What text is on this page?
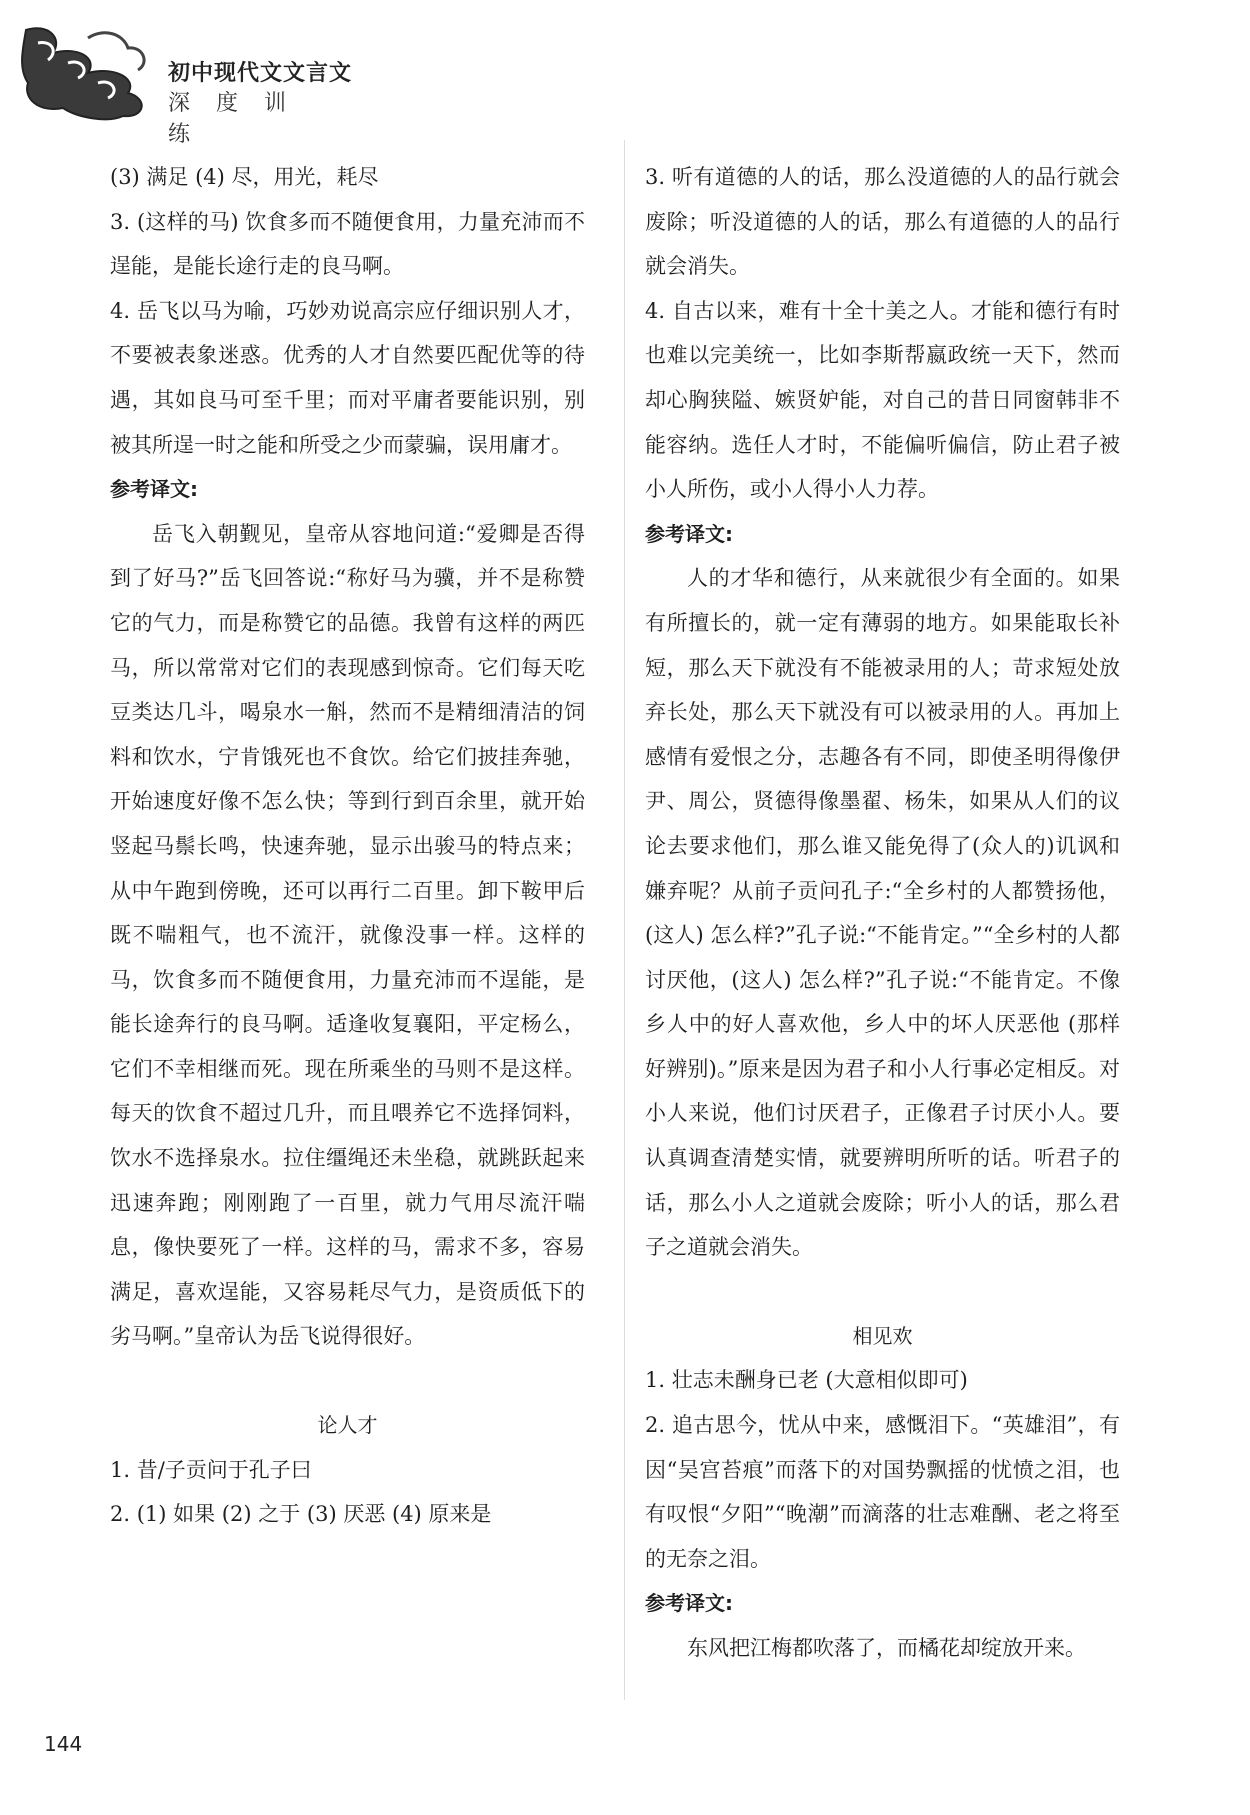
初中现代文文言文
深度训练

(3) 满足 (4) 尽，用光，耗尽

3. (这样的马) 饮食多而不随便食用，力量充沛而不逞能，是能长途行走的良马啊。

4. 岳飞以马为喻，巧妙劝说高宗应仔细识别人才，不要被表象迷惑。优秀的人才自然要匹配优等的待遇，其如良马可至千里；而对平庸者要能识别，别被其所逞一时之能和所受之少而蒙骗，误用庸才。

参考译文:

岳飞入朝觐见，皇帝从容地问道:“爱卿是否得到了好马?”岳飞回答说:“称好马为骥，并不是称赞它的气力，而是称赞它的品德。我曾有这样的两匹马，所以常常对它们的表现感到惊奇。它们每天吃豆类达几斗，喝泉水一斛，然而不是精细清洁的饲料和饮水，宁肯饿死也不食饮。给它们披挂奔驰，开始速度好像不怎么快；等到行到百余里，就开始竖起马鬃长鸣，快速奔驰，显示出骏马的特点来；从中午跑到傍晚，还可以再行二百里。卸下鞍甲后既不喘粗气，也不流汗，就像没事一样。这样的马，饮食多而不随便食用，力量充沛而不逞能，是能长途奔行的良马啊。适逢收复襄阳，平定杨么，它们不幸相继而死。现在所乘坐的马则不是这样。每天的饮食不超过几升，而且喂养它不选择饲料，饮水不选择泉水。拉住缰绳还未坐稳，就跳跃起来迅速奔跑；刚刚跑了一百里，就力气用尽流汗喘息，像快要死了一样。这样的马，需求不多，容易满足，喜欢逞能，又容易耗尽气力，是资质低下的劣马啊。”皇帝认为岳飞说得很好。

论人才

1. 昔/子贡问于孔子曰

2. (1) 如果 (2) 之于 (3) 厌恶 (4) 原来是

3. 听有道德的人的话，那么没道德的人的品行就会废除；听没道德的人的话，那么有道德的人的品行就会消失。

4. 自古以来，难有十全十美之人。才能和德行有时也难以完美统一，比如李斯帮嬴政统一天下，然而却心胸狭隘、嫉贤妒能，对自己的昔日同窗韩非不能容纳。选任人才时，不能偏听偏信，防止君子被小人所伤，或小人得小人力荐。

参考译文:

人的才华和德行，从来就很少有全面的。如果有所擅长的，就一定有薄弱的地方。如果能取长补短，那么天下就没有不能被录用的人；苛求短处放弃长处，那么天下就没有可以被录用的人。再加上感情有爱恨之分，志趣各有不同，即使圣明得像伊尹、周公，贤德得像墨翟、杨朱，如果从人们的议论去要求他们，那么谁又能免得了(众人的)讥讽和嫌弃呢？从前子贡问孔子:“全乡村的人都赞扬他，(这人) 怎么样?”孔子说:“不能肯定。”“全乡村的人都讨厌他，(这人) 怎么样?”孔子说:“不能肯定。不像乡人中的好人喜欢他，乡人中的坏人厌恶他 (那样好辨别)。”原来是因为君子和小人行事必定相反。对小人来说，他们讨厌君子，正像君子讨厌小人。要认真调查清楚实情，就要辨明所听的话。听君子的话，那么小人之道就会废除；听小人的话，那么君子之道就会消失。

相见欢

1. 壮志未酬身已老 (大意相似即可)

2. 追古思今，忧从中来，感慨泪下。“英雄泪”，有因“吴宫苔痕”而落下的对国势飘摇的忧愤之泪，也有叹恨“夕阳”“晚潮”而滴落的壮志难酬、老之将至的无奈之泪。

参考译文:

东风把江梅都吹落了，而橘花却绽放开来。

144
